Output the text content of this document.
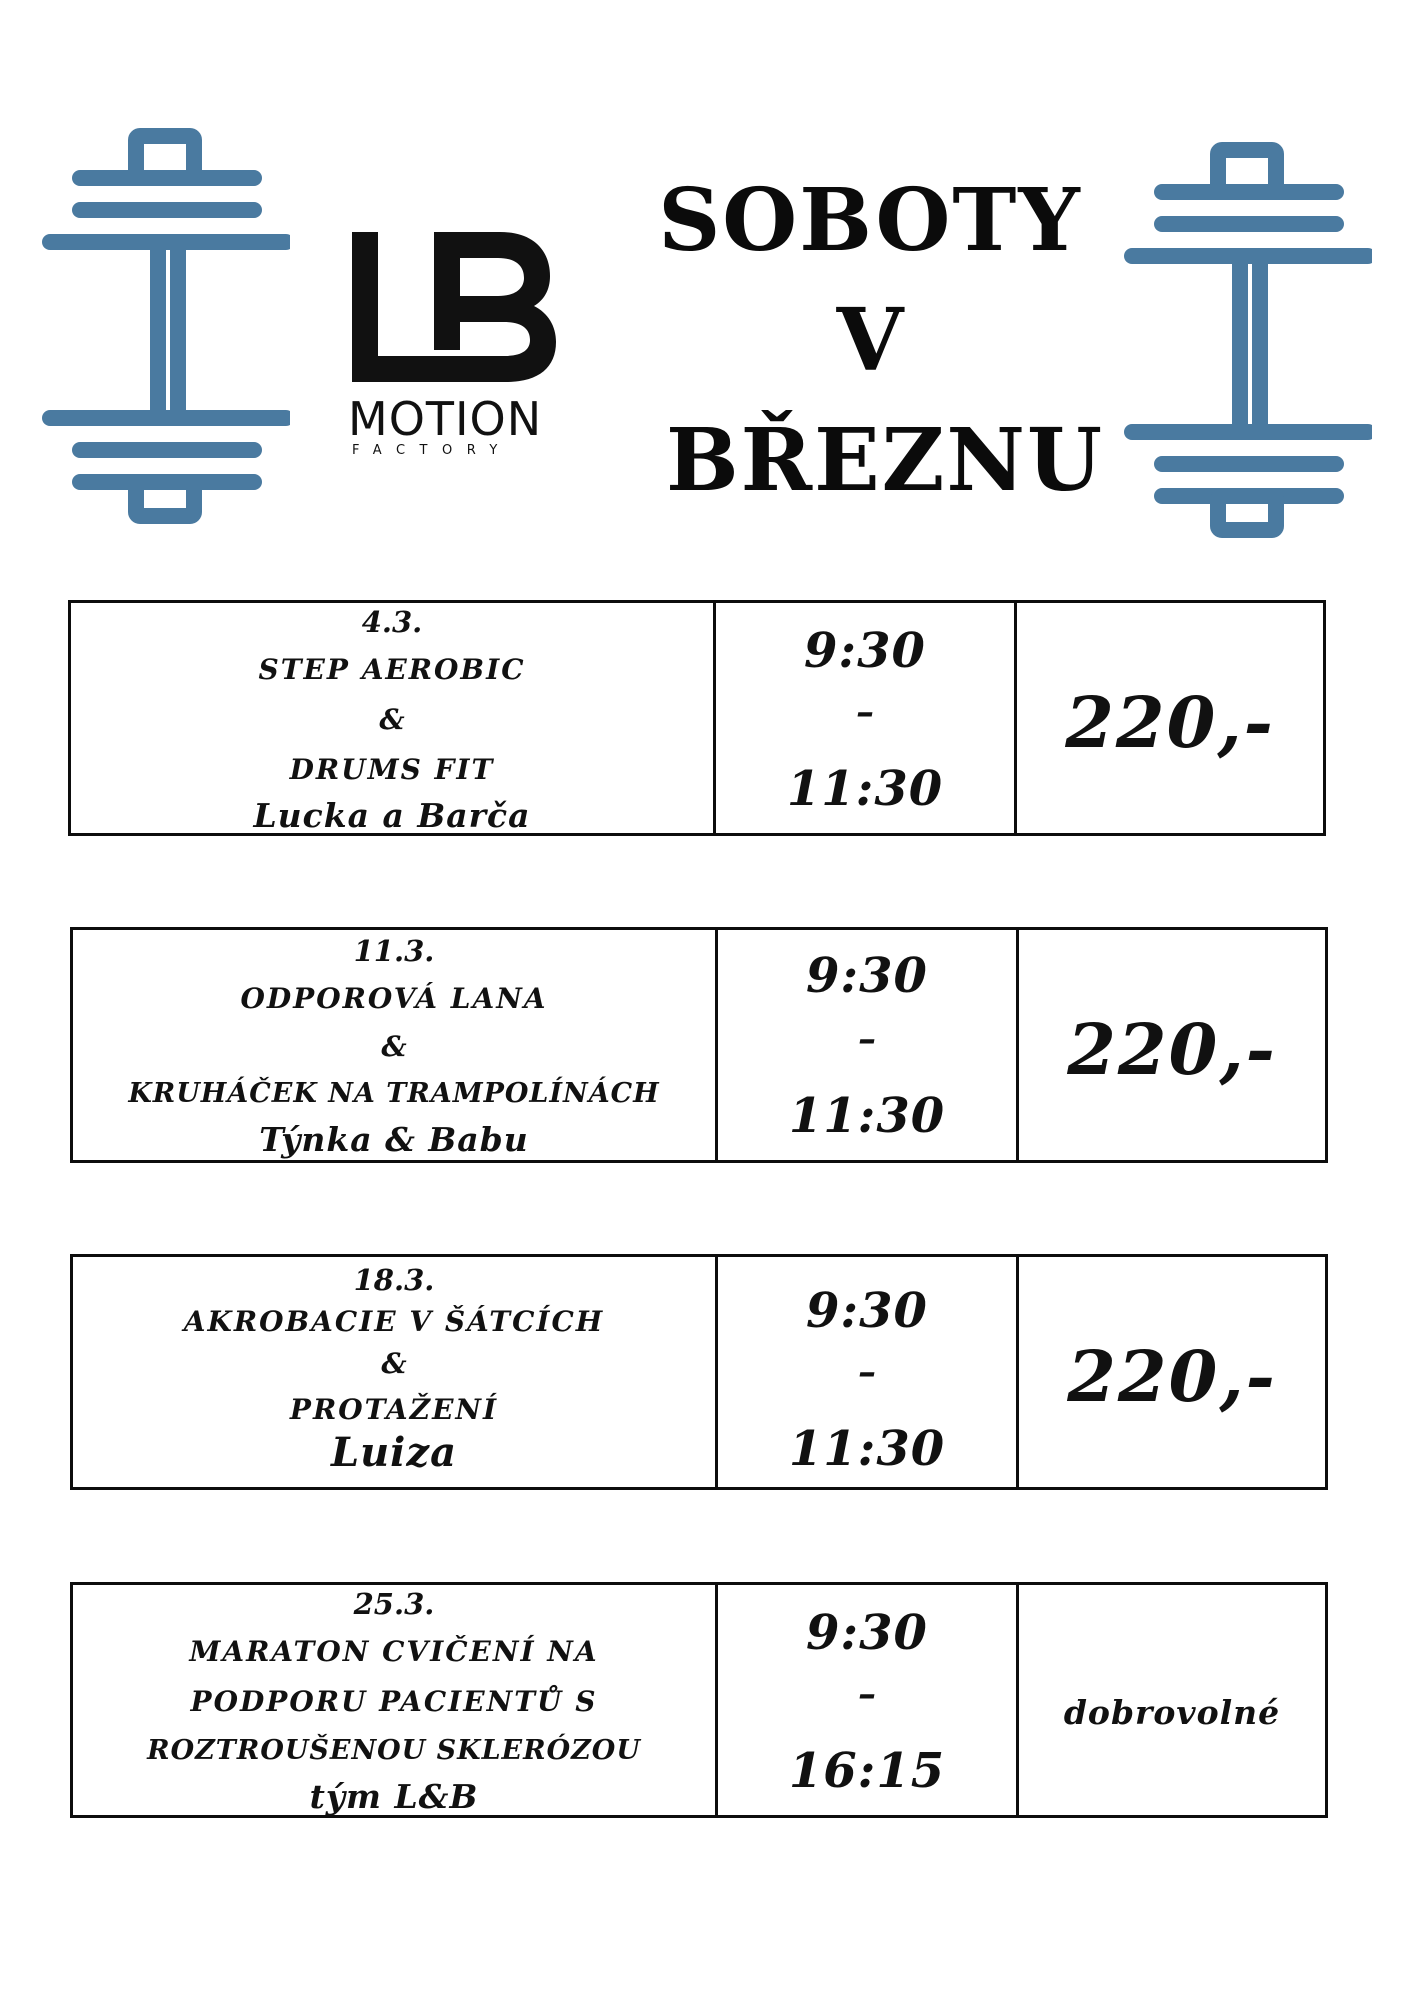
MOTION
FACTORY
SOBOTY
V
BŘEZNU
4.3.
STEP AEROBIC
&
DRUMS FIT
Lucka a Barča
9:30
–
11:30
220,-
11.3.
ODPOROVÁ LANA
&
KRUHÁČEK NA TRAMPOLÍNÁCH
Týnka & Babu
9:30
–
11:30
220,-
18.3.
AKROBACIE V ŠÁTCÍCH
&
PROTAŽENÍ
Luiza
9:30
–
11:30
220,-
25.3.
MARATON CVIČENÍ NA
PODPORU PACIENTŮ S
ROZTROUŠENOU SKLERÓZOU
tým L&B
9:30
–
16:15
dobrovolné
